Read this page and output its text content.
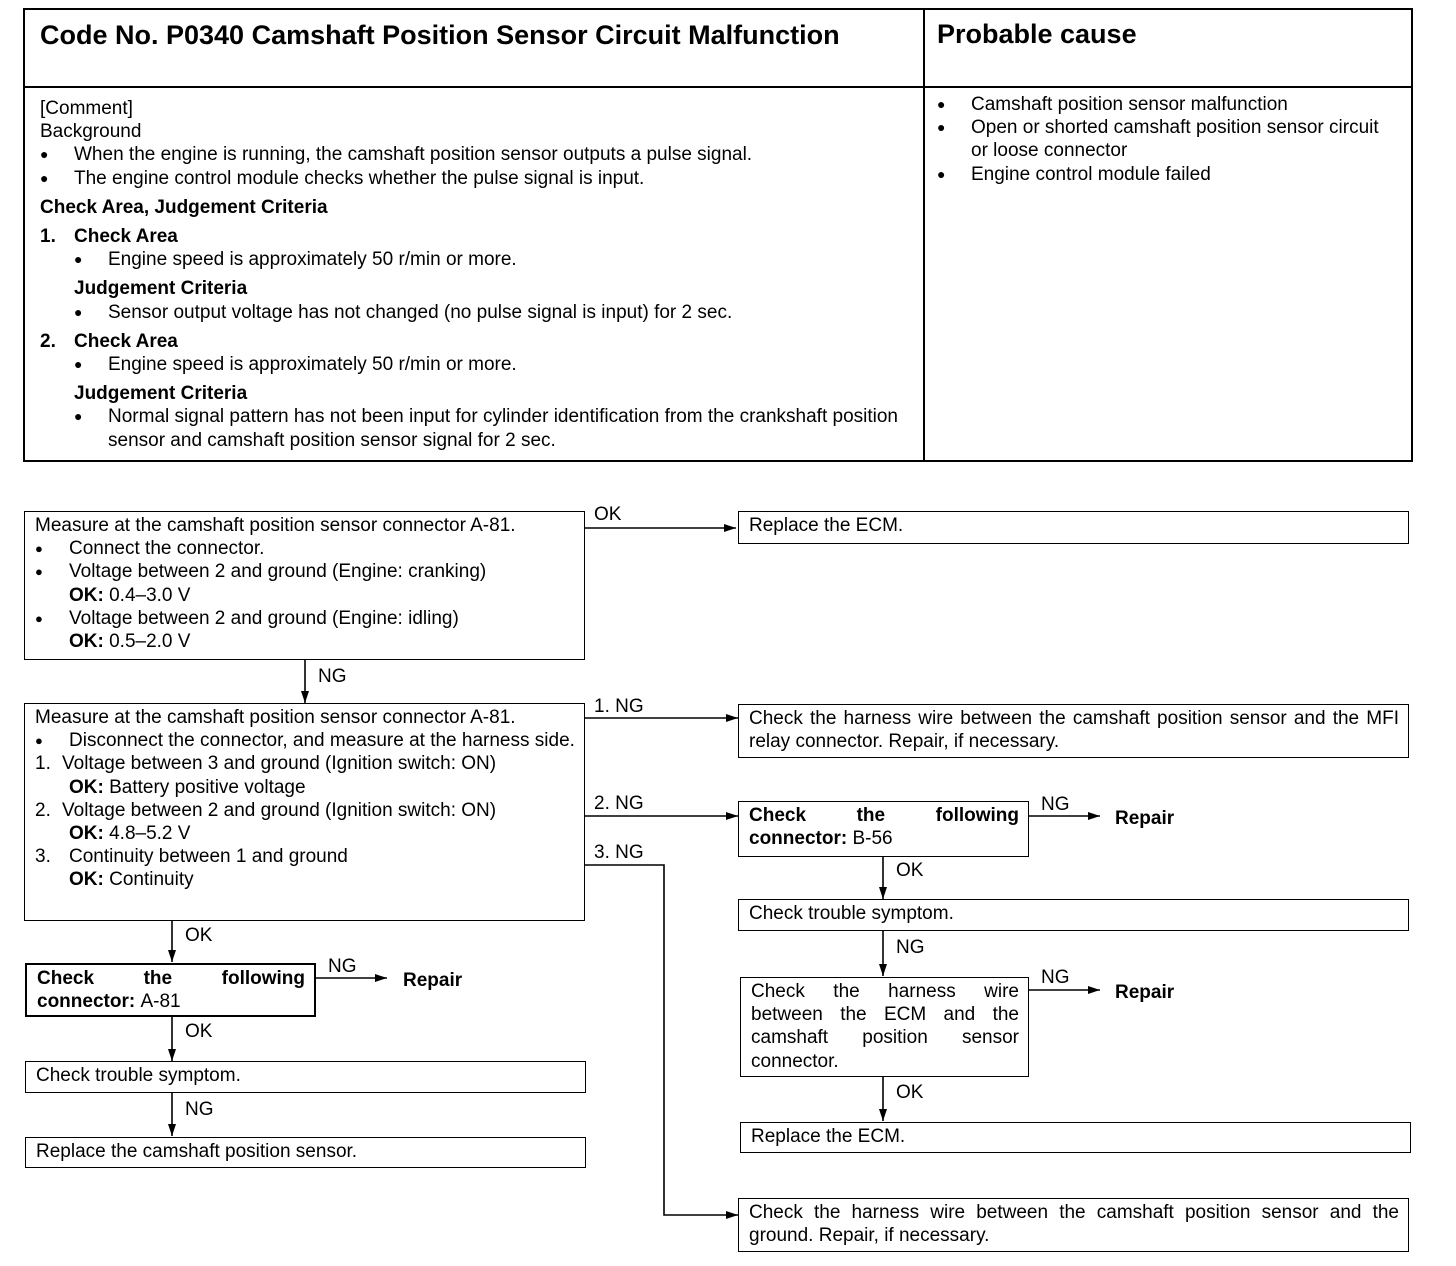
Code No. P0340 Camshaft Position Sensor Circuit Malfunction	Probable cause
[Comment]
Background
● When the engine is running, the camshaft position sensor outputs a pulse signal.
● The engine control module checks whether the pulse signal is input.
Check Area, Judgement Criteria
1. Check Area
● Engine speed is approximately 50 r/min or more.
Judgement Criteria
● Sensor output voltage has not changed (no pulse signal is input) for 2 sec.
2. Check Area
● Engine speed is approximately 50 r/min or more.
Judgement Criteria
● Normal signal pattern has not been input for cylinder identification from the crankshaft position sensor and camshaft position sensor signal for 2 sec.
● Camshaft position sensor malfunction
● Open or shorted camshaft position sensor circuit or loose connector
● Engine control module failed
Measure at the camshaft position sensor connector A-81.
● Connect the connector.
● Voltage between 2 and ground (Engine: cranking)
OK: 0.4–3.0 V
● Voltage between 2 and ground (Engine: idling)
OK: 0.5–2.0 V
OK
Replace the ECM.
NG
Measure at the camshaft position sensor connector A-81.
● Disconnect the connector, and measure at the harness side.
1. Voltage between 3 and ground (Ignition switch: ON)
OK: Battery positive voltage
2. Voltage between 2 and ground (Ignition switch: ON)
OK: 4.8–5.2 V
3. Continuity between 1 and ground
OK: Continuity
1. NG
Check the harness wire between the camshaft position sensor and the MFI relay connector. Repair, if necessary.
2. NG
Check the following connector: B-56
NG
Repair
OK
Check trouble symptom.
NG
Check the harness wire between the ECM and the camshaft position sensor connector.
NG
Repair
OK
Replace the ECM.
3. NG
Check the harness wire between the camshaft position sensor and the ground. Repair, if necessary.
OK
Check the following connector: A-81
NG
Repair
OK
Check trouble symptom.
NG
Replace the camshaft position sensor.
